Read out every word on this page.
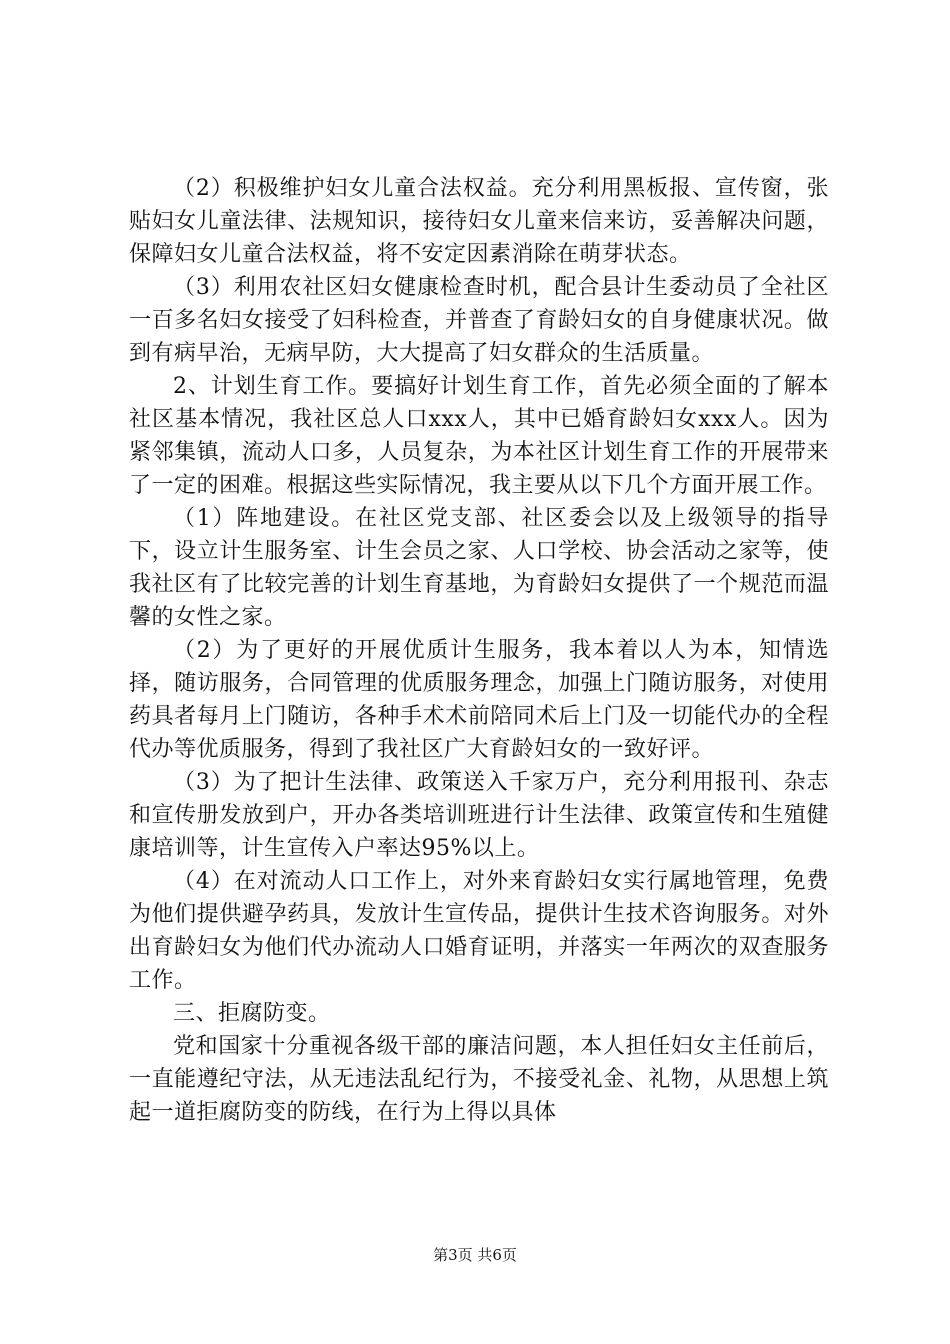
（2）积极维护妇女儿童合法权益。充分利用黑板报、宣传窗，张贴妇女儿童法律、法规知识，接待妇女儿童来信来访，妥善解决问题，保障妇女儿童合法权益，将不安定因素消除在萌芽状态。

（3）利用农社区妇女健康检查时机，配合县计生委动员了全社区一百多名妇女接受了妇科检查，并普查了育龄妇女的自身健康状况。做到有病早治，无病早防，大大提高了妇女群众的生活质量。

2、计划生育工作。要搞好计划生育工作，首先必须全面的了解本社区基本情况，我社区总人口xxx人，其中已婚育龄妇女xxx人。因为紧邻集镇，流动人口多，人员复杂，为本社区计划生育工作的开展带来了一定的困难。根据这些实际情况，我主要从以下几个方面开展工作。

（1）阵地建设。在社区党支部、社区委会以及上级领导的指导下，设立计生服务室、计生会员之家、人口学校、协会活动之家等，使我社区有了比较完善的计划生育基地，为育龄妇女提供了一个规范而温馨的女性之家。

（2）为了更好的开展优质计生服务，我本着以人为本，知情选择，随访服务，合同管理的优质服务理念，加强上门随访服务，对使用药具者每月上门随访，各种手术术前陪同术后上门及一切能代办的全程代办等优质服务，得到了我社区广大育龄妇女的一致好评。

（3）为了把计生法律、政策送入千家万户，充分利用报刊、杂志和宣传册发放到户，开办各类培训班进行计生法律、政策宣传和生殖健康培训等，计生宣传入户率达95%以上。

（4）在对流动人口工作上，对外来育龄妇女实行属地管理，免费为他们提供避孕药具，发放计生宣传品，提供计生技术咨询服务。对外出育龄妇女为他们代办流动人口婚育证明，并落实一年两次的双查服务工作。

三、拒腐防变。

党和国家十分重视各级干部的廉洁问题，本人担任妇女主任前后，一直能遵纪守法，从无违法乱纪行为，不接受礼金、礼物，从思想上筑起一道拒腐防变的防线，在行为上得以具体

第3页 共6页
